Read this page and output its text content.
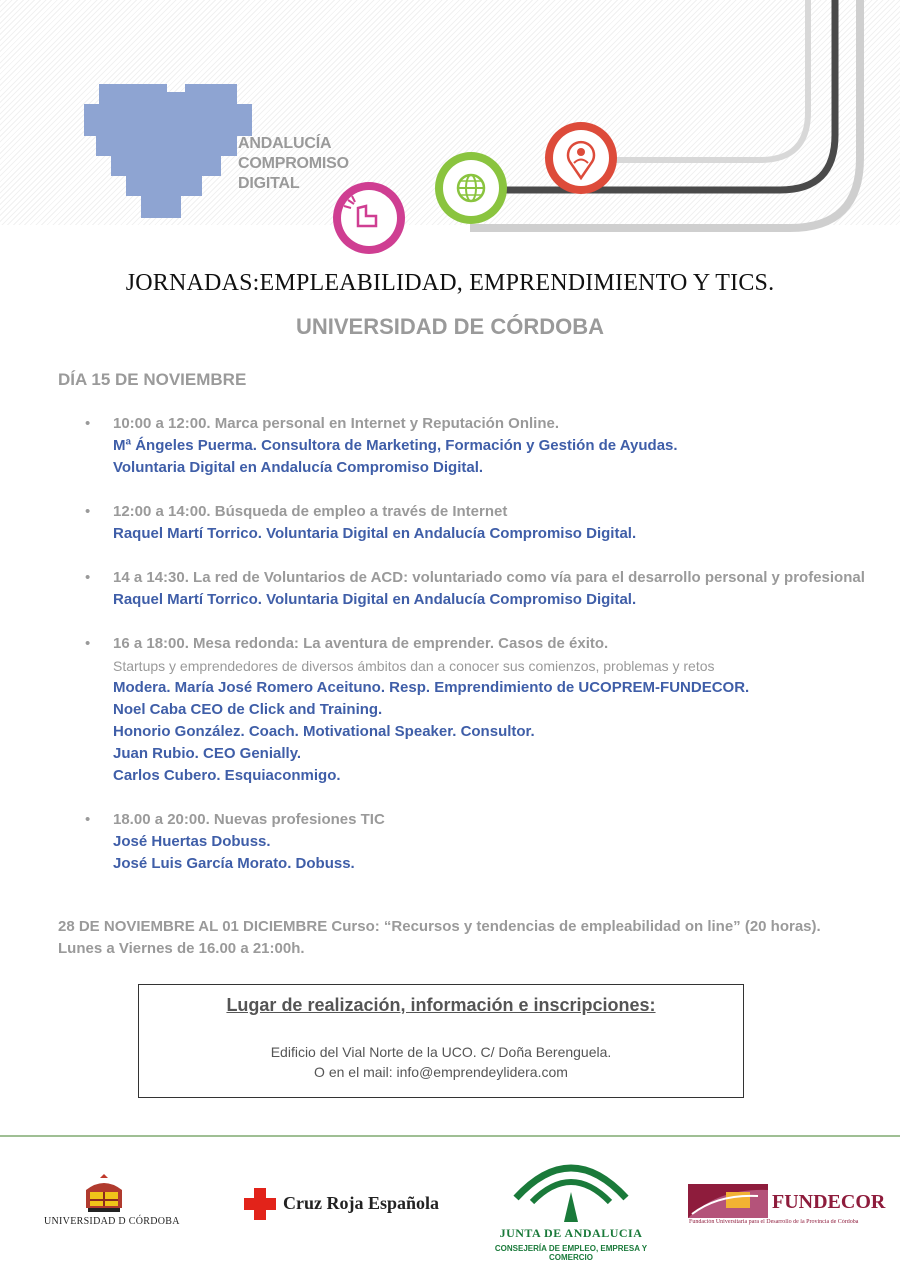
ANDALUCÍA
COMPROMISO
DIGITAL
JORNADAS:EMPLEABILIDAD, EMPRENDIMIENTO Y TICS.
UNIVERSIDAD DE CÓRDOBA
DÍA 15 DE NOVIEMBRE
• 10:00 a 12:00. Marca personal en Internet y Reputación Online.
Mª Ángeles Puerma. Consultora de Marketing, Formación y Gestión de Ayudas.
Voluntaria Digital en Andalucía Compromiso Digital.
• 12:00 a 14:00. Búsqueda de empleo a través de Internet
Raquel Martí Torrico. Voluntaria Digital en Andalucía Compromiso Digital.
• 14 a 14:30. La red de Voluntarios de ACD: voluntariado como vía para el desarrollo personal y profesional
Raquel Martí Torrico. Voluntaria Digital en Andalucía Compromiso Digital.
• 16 a 18:00. Mesa redonda: La aventura de emprender. Casos de éxito.
Startups y emprendedores de diversos ámbitos dan a conocer sus comienzos, problemas y retos
Modera. María José Romero Aceituno. Resp. Emprendimiento de UCOPREM-FUNDECOR.
Noel Caba CEO de Click and Training.
Honorio González. Coach. Motivational Speaker. Consultor.
Juan Rubio. CEO Genially.
Carlos Cubero. Esquiaconmigo.
• 18.00 a 20:00. Nuevas profesiones TIC
José Huertas Dobuss.
José Luis García Morato. Dobuss.
28 DE NOVIEMBRE AL 01 DICIEMBRE Curso: “Recursos y tendencias de empleabilidad on line” (20 horas). Lunes a Viernes de 16.00 a 21:00h.
Lugar de realización, información e inscripciones:
Edificio del Vial Norte de la UCO. C/ Doña Berenguela.
O en el mail: info@emprendeylidera.com
UNIVERSIDAD D CÓRDOBA
Cruz Roja Española
JUNTA DE ANDALUCIA
CONSEJERÍA DE EMPLEO, EMPRESA Y COMERCIO
FUNDECOR
Fundación Universitaria para el Desarrollo de la Provincia de Córdoba
